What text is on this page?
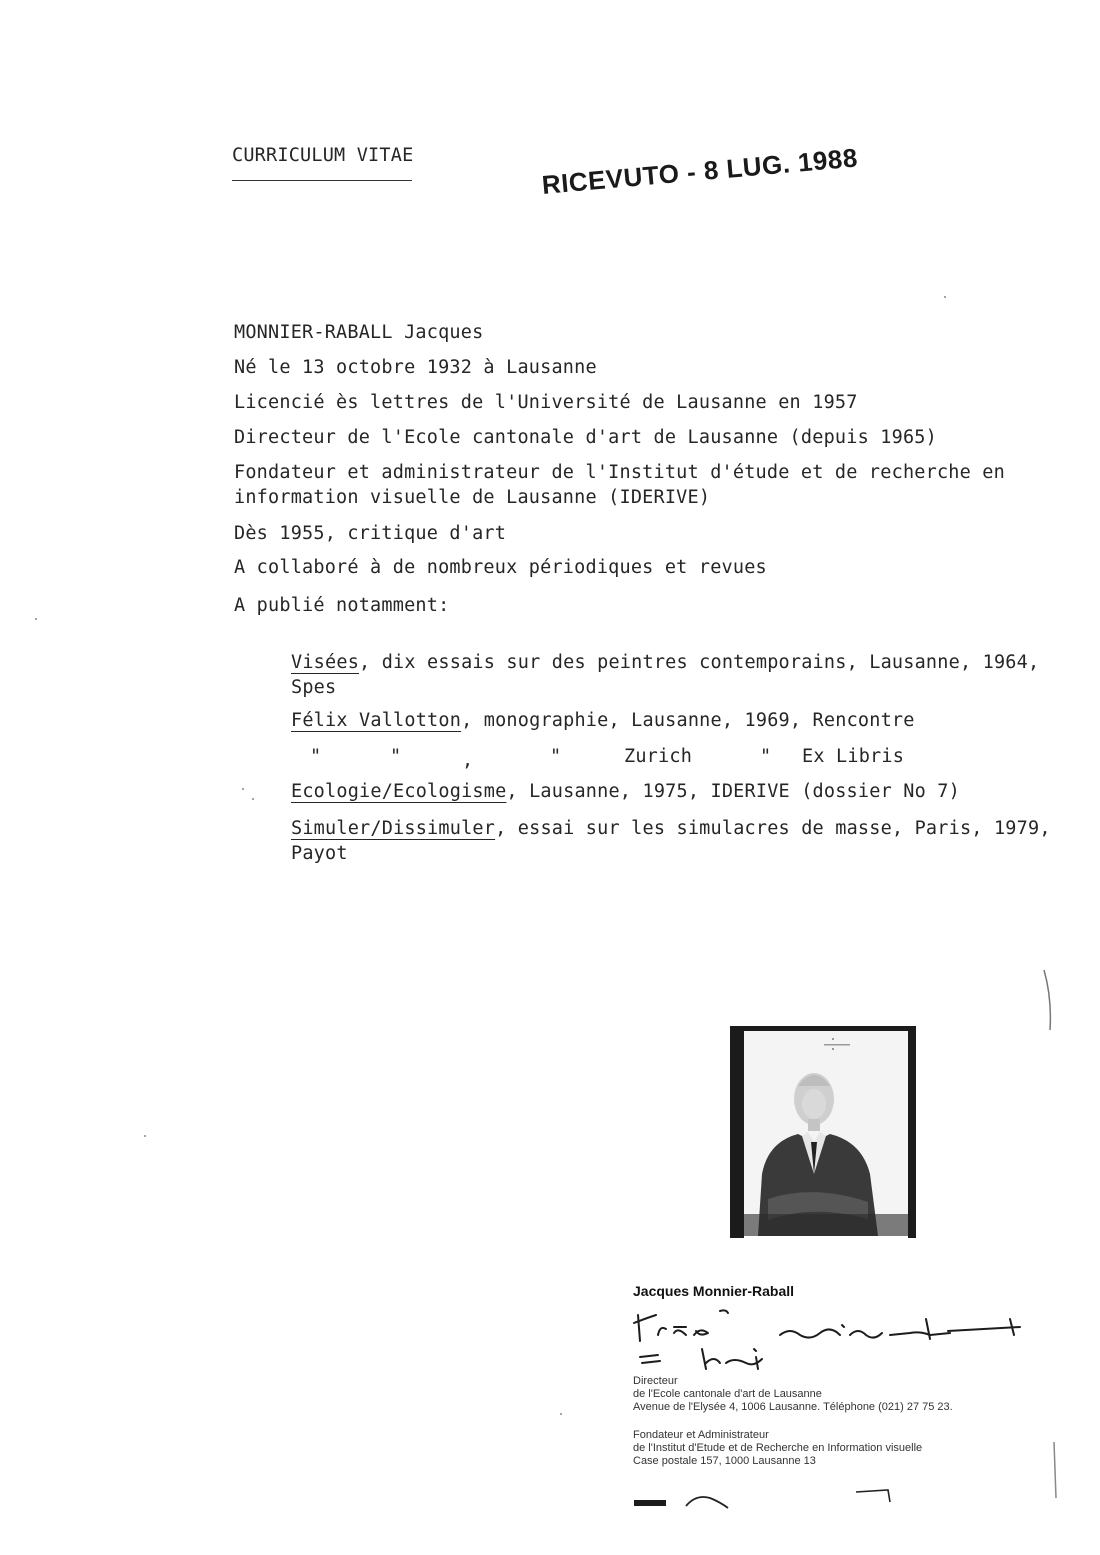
CURRICULUM VITAE	RICEVUTO - 8 LUG. 1988
MONNIER-RABALL Jacques
Né le 13 octobre 1932 à Lausanne
Licencié ès lettres de l'Université de Lausanne en 1957
Directeur de l'Ecole cantonale d'art de Lausanne (depuis 1965)
Fondateur et administrateur de l'Institut d'étude et de recherche en
information visuelle de Lausanne (IDERIVE)
Dès 1955, critique d'art
A collaboré à de nombreux périodiques et revues
A publié notamment:
Visées, dix essais sur des peintres contemporains, Lausanne, 1964,
Spes
Félix Vallotton, monographie, Lausanne, 1969, Rencontre
"	"	,	"	Zurich	" Ex Libris
Ecologie/Ecologisme, Lausanne, 1975, IDERIVE (dossier No 7)
Simuler/Dissimuler, essai sur les simulacres de masse, Paris, 1979,
Payot
Jacques Monnier-Raball
Directeur
de l'Ecole cantonale d'art de Lausanne
Avenue de l'Elysée 4, 1006 Lausanne. Téléphone (021) 27 75 23.
Fondateur et Administrateur
de l'Institut d'Etude et de Recherche en Information visuelle
Case postale 157, 1000 Lausanne 13
